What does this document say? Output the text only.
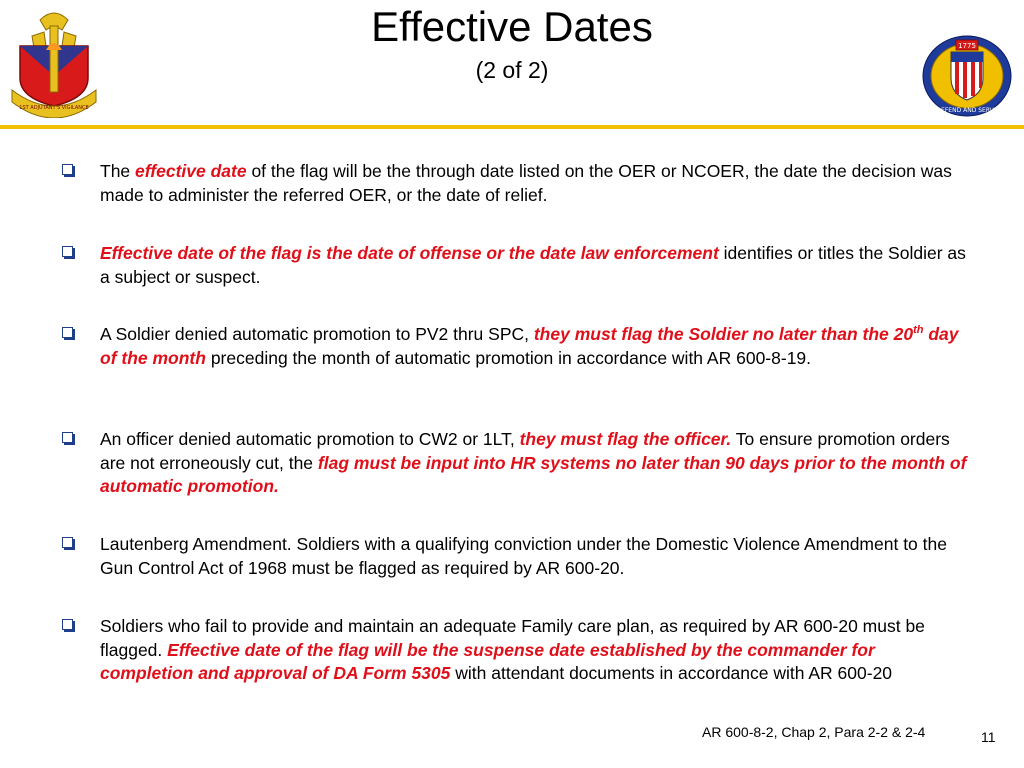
1ST ADJUTANT'S VIGILANCE
Effective Dates
(2 of 2)
1775
DEFEND AND SERVE
The effective date of the flag will be the through date listed on the OER or NCOER, the date the decision was made to administer the referred OER, or the date of relief.
Effective date of the flag is the date of offense or the date law enforcement identifies or titles the Soldier as a subject or suspect.
A Soldier denied automatic promotion to PV2 thru SPC, they must flag the Soldier no later than the 20th day of the month preceding the month of automatic promotion in accordance with AR 600-8-19.
An officer denied automatic promotion to CW2 or 1LT, they must flag the officer. To ensure promotion orders are not erroneously cut, the flag must be input into HR systems no later than 90 days prior to the month of automatic promotion.
Lautenberg Amendment. Soldiers with a qualifying conviction under the Domestic Violence Amendment to the Gun Control Act of 1968 must be flagged as required by AR 600-20.
Soldiers who fail to provide and maintain an adequate Family care plan, as required by AR 600-20 must be flagged. Effective date of the flag will be the suspense date established by the commander for completion and approval of DA Form 5305 with attendant documents in accordance with AR 600-20
AR 600-8-2, Chap 2, Para 2-2 & 2-4	11
